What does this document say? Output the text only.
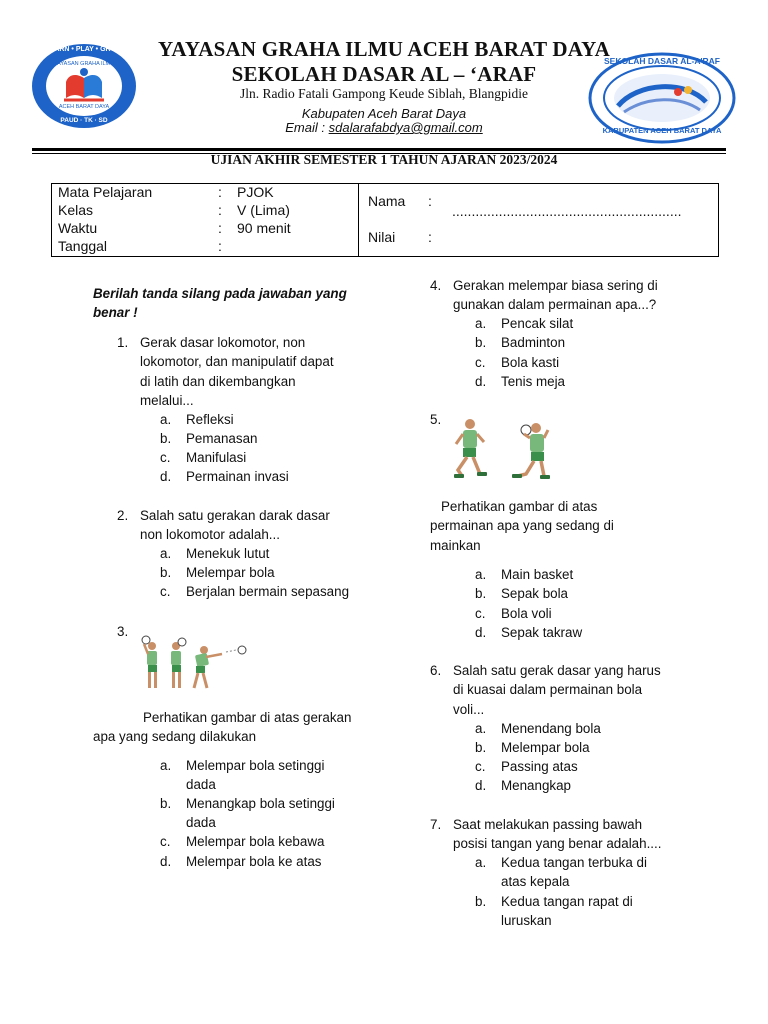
LEARN • PLAY • GROW
YAYASAN GRAHA ILMU
ACEH BARAT DAYA
PAUD · TK · SD
SEKOLAH DASAR AL-A'RAF
KABUPATEN ACEH BARAT DAYA
YAYASAN GRAHA ILMU ACEH BARAT DAYA
SEKOLAH DASAR AL – ‘ARAF
Jln. Radio Fatali Gampong Keude Siblah, Blangpidie
Kabupaten Aceh Barat Daya
Email : sdalarafabdya@gmail.com
UJIAN AKHIR SEMESTER 1 TAHUN AJARAN 2023/2024
Mata Pelajaran	: PJOK
Kelas	: V (Lima)
Waktu	: 90 menit
Tanggal	:
Nama :
...........................................................
Nilai :
Berilah tanda silang pada jawaban yang
benar !
1. Gerak dasar lokomotor, non
lokomotor, dan manipulatif dapat
di latih dan dikembangkan
melalui...
a. Refleksi
b. Pemanasan
c. Manifulasi
d. Permainan invasi
2. Salah satu gerakan darak dasar
non lokomotor adalah...
a. Menekuk lutut
b. Melempar bola
c. Berjalan bermain sepasang
3.
Perhatikan gambar di atas gerakan
apa yang sedang dilakukan
a. Melempar bola setinggi
dada
b. Menangkap bola setinggi
dada
c. Melempar bola kebawa
d. Melempar bola ke atas
4. Gerakan melempar biasa sering di
gunakan dalam permainan apa...?
a. Pencak silat
b. Badminton
c. Bola kasti
d. Tenis meja
5.
Perhatikan gambar di atas
permainan apa yang sedang di
mainkan
a. Main basket
b. Sepak bola
c. Bola voli
d. Sepak takraw
6. Salah satu gerak dasar yang harus
di kuasai dalam permainan bola
voli...
a. Menendang bola
b. Melempar bola
c. Passing atas
d. Menangkap
7. Saat melakukan passing bawah
posisi tangan yang benar adalah....
a. Kedua tangan terbuka di
atas kepala
b. Kedua tangan rapat di
luruskan
